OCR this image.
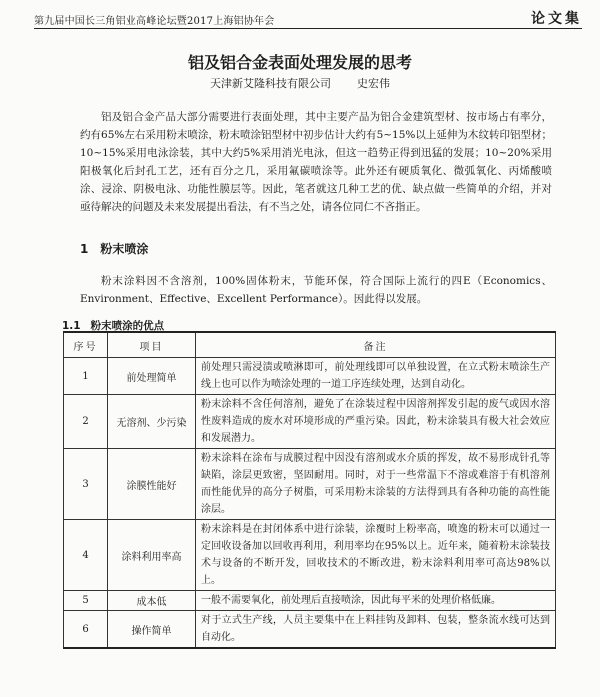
第九届中国长三角铝业高峰论坛暨2017上海铝协年会	论文集
铝及铝合金表面处理发展的思考
天津新艾隆科技有限公司 史宏伟

铝及铝合金产品大部分需要进行表面处理，其中主要产品为铝合金建筑型材、按市场占有率分，约有65%左右采用粉末喷涂，粉末喷涂铝型材中初步估计大约有5~15%以上延伸为木纹转印铝型材；10~15%采用电泳涂装，其中大约5%采用消光电泳，但这一趋势正得到迅猛的发展；10~20%采用阳极氧化后封孔工艺，还有百分之几，采用氟碳喷涂等。此外还有硬质氧化、微弧氧化、丙烯酸喷涂、浸涂、阴极电泳、功能性膜层等。因此，笔者就这几种工艺的优、缺点做一些简单的介绍，并对亟待解决的问题及未来发展提出看法，有不当之处，请各位同仁不吝指正。

1 粉末喷涂

粉末涂料因不含溶剂，100%固体粉末，节能环保，符合国际上流行的四E（Economics、Environment、Effective、Excellent Performance）。因此得以发展。

1.1 粉末喷涂的优点
序号	项目	备注
1	前处理简单	前处理只需浸渍或喷淋即可，前处理线即可以单独设置，在立式粉末喷涂生产线上也可以作为喷涂处理的一道工序连续处理，达到自动化。
2	无溶剂、少污染	粉末涂料不含任何溶剂，避免了在涂装过程中因溶剂挥发引起的废气或因水溶性废料造成的废水对环境形成的严重污染。因此，粉末涂装具有极大社会效应和发展潜力。
3	涂膜性能好	粉末涂料在涂布与成膜过程中因没有溶剂或水介质的挥发，故不易形成针孔等缺陷，涂层更致密，坚固耐用。同时，对于一些常温下不溶或难溶于有机溶剂而性能优异的高分子树脂，可采用粉末涂装的方法得到具有各种功能的高性能涂层。
4	涂料利用率高	粉末涂料是在封闭体系中进行涂装，涂覆时上粉率高，喷逸的粉末可以通过一定回收设备加以回收再利用，利用率均在95%以上。近年来，随着粉末涂装技术与设备的不断开发，回收技术的不断改进，粉末涂料利用率可高达98%以上。
5	成本低	一般不需要氧化，前处理后直接喷涂，因此每平米的处理价格低廉。
6	操作简单	对于立式生产线，人员主要集中在上料挂钩及卸料、包装，整条流水线可达到自动化。
